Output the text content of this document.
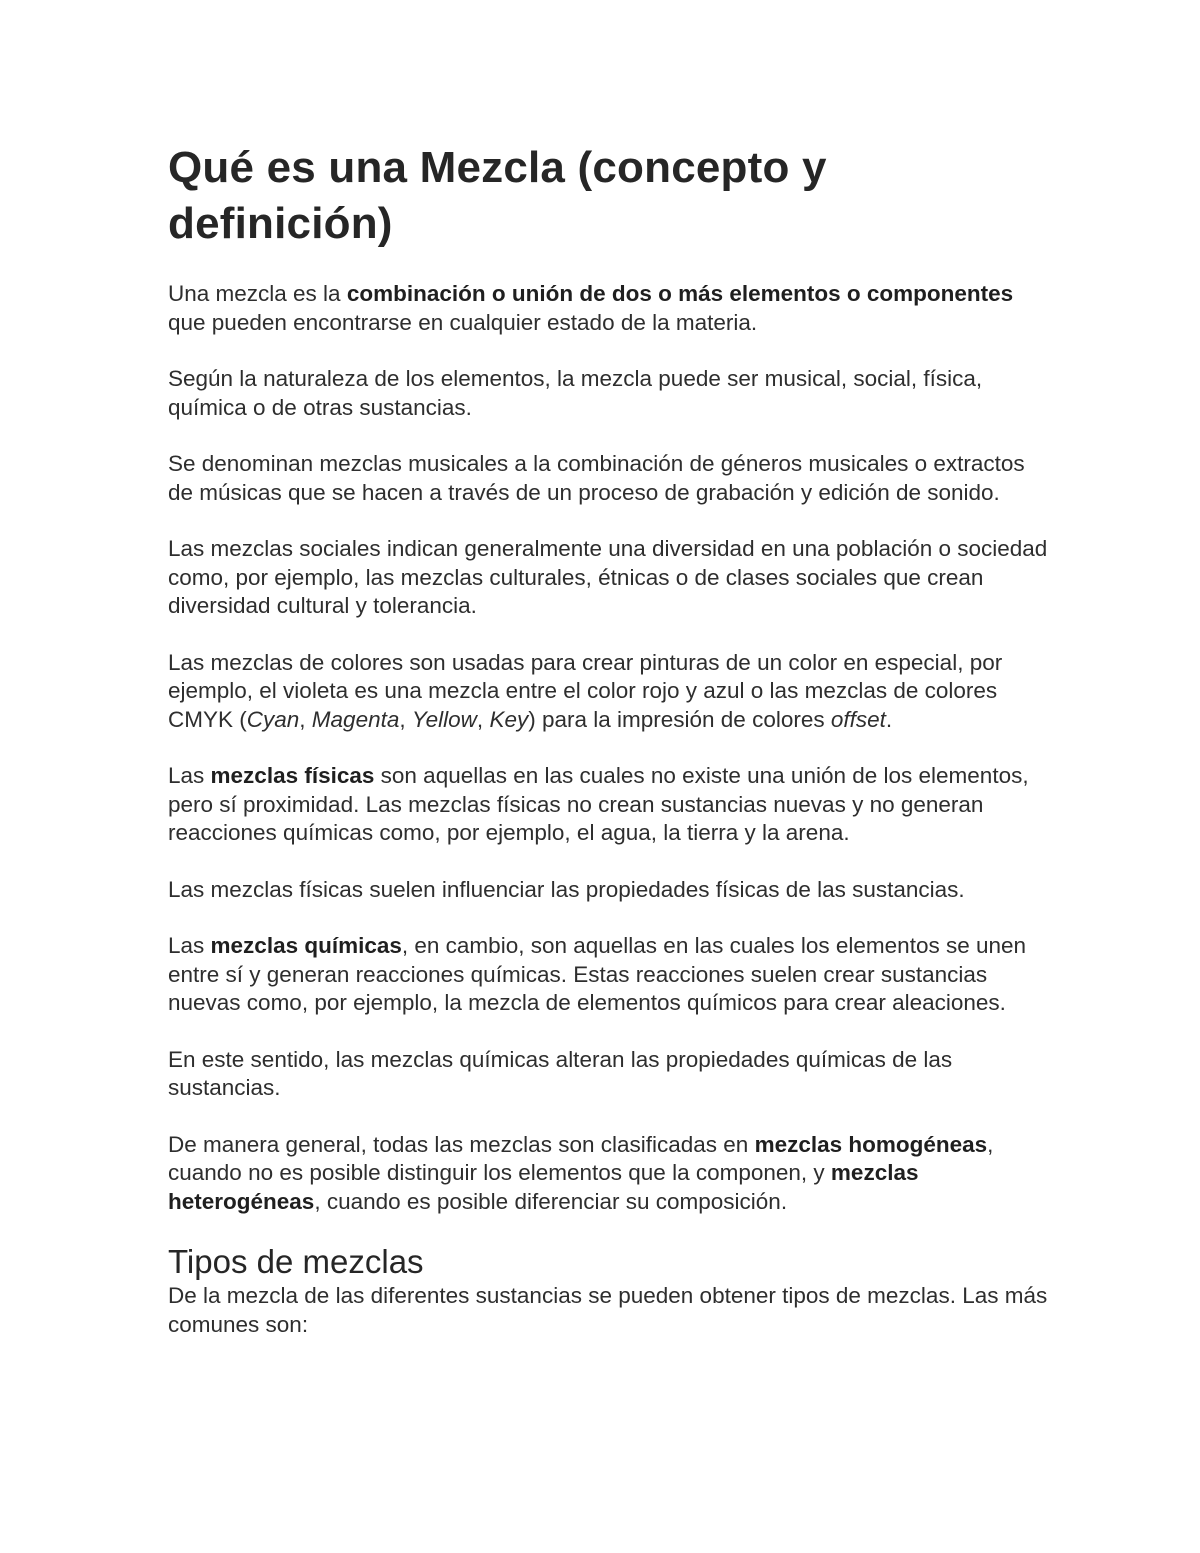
Qué es una Mezcla (concepto y definición)

Una mezcla es la combinación o unión de dos o más elementos o componentes que pueden encontrarse en cualquier estado de la materia.

Según la naturaleza de los elementos, la mezcla puede ser musical, social, física, química o de otras sustancias.

Se denominan mezclas musicales a la combinación de géneros musicales o extractos de músicas que se hacen a través de un proceso de grabación y edición de sonido.

Las mezclas sociales indican generalmente una diversidad en una población o sociedad como, por ejemplo, las mezclas culturales, étnicas o de clases sociales que crean diversidad cultural y tolerancia.

Las mezclas de colores son usadas para crear pinturas de un color en especial, por ejemplo, el violeta es una mezcla entre el color rojo y azul o las mezclas de colores CMYK (Cyan, Magenta, Yellow, Key) para la impresión de colores offset.

Las mezclas físicas son aquellas en las cuales no existe una unión de los elementos, pero sí proximidad. Las mezclas físicas no crean sustancias nuevas y no generan reacciones químicas como, por ejemplo, el agua, la tierra y la arena.

Las mezclas físicas suelen influenciar las propiedades físicas de las sustancias.

Las mezclas químicas, en cambio, son aquellas en las cuales los elementos se unen entre sí y generan reacciones químicas. Estas reacciones suelen crear sustancias nuevas como, por ejemplo, la mezcla de elementos químicos para crear aleaciones.

En este sentido, las mezclas químicas alteran las propiedades químicas de las sustancias.

De manera general, todas las mezclas son clasificadas en mezclas homogéneas, cuando no es posible distinguir los elementos que la componen, y mezclas heterogéneas, cuando es posible diferenciar su composición.

Tipos de mezclas

De la mezcla de las diferentes sustancias se pueden obtener tipos de mezclas. Las más comunes son:
